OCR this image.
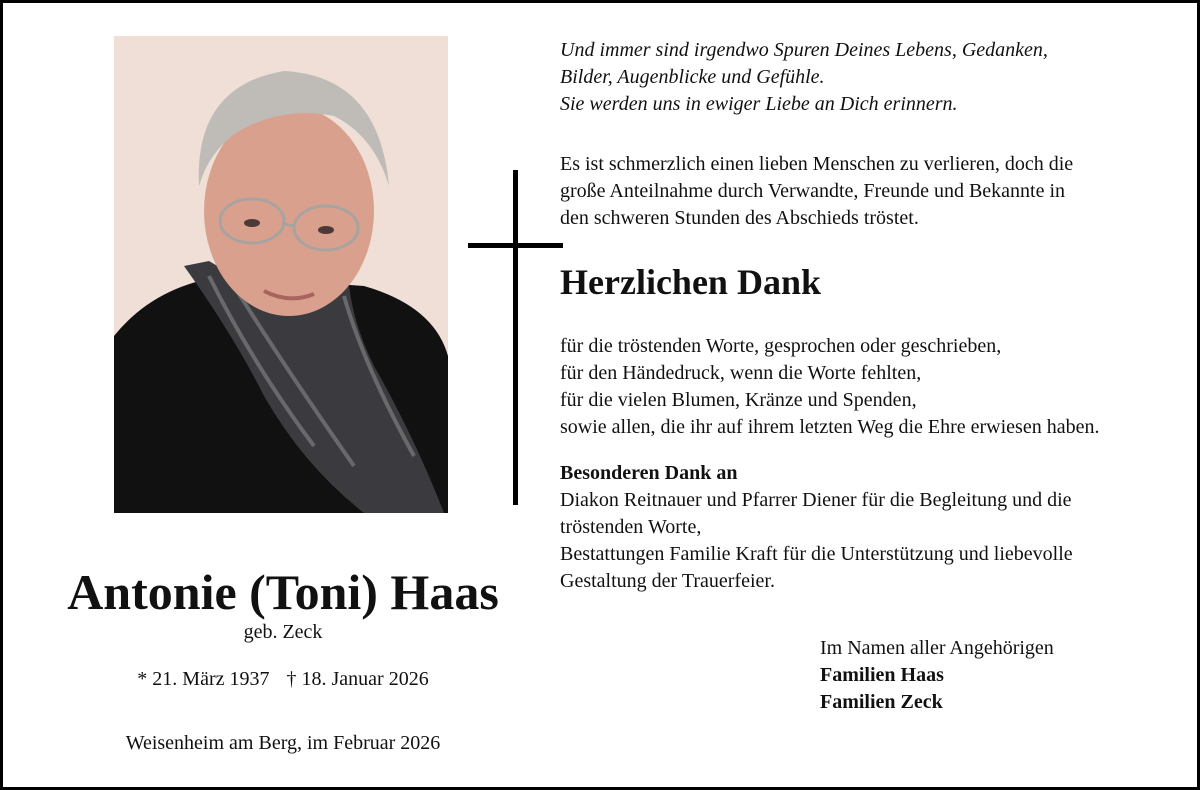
Antonie (Toni) Haas
geb. Zeck
* 21. März 1937 † 18. Januar 2026
Weisenheim am Berg, im Februar 2026
Und immer sind irgendwo Spuren Deines Lebens, Gedanken,
Bilder, Augenblicke und Gefühle.
Sie werden uns in ewiger Liebe an Dich erinnern.
Es ist schmerzlich einen lieben Menschen zu verlieren, doch die
große Anteilnahme durch Verwandte, Freunde und Bekannte in
den schweren Stunden des Abschieds tröstet.
Herzlichen Dank
für die tröstenden Worte, gesprochen oder geschrieben,
für den Händedruck, wenn die Worte fehlten,
für die vielen Blumen, Kränze und Spenden,
sowie allen, die ihr auf ihrem letzten Weg die Ehre erwiesen haben.
Besonderen Dank an
Diakon Reitnauer und Pfarrer Diener für die Begleitung und die
tröstenden Worte,
Bestattungen Familie Kraft für die Unterstützung und liebevolle
Gestaltung der Trauerfeier.
Im Namen aller Angehörigen
Familien Haas
Familien Zeck
